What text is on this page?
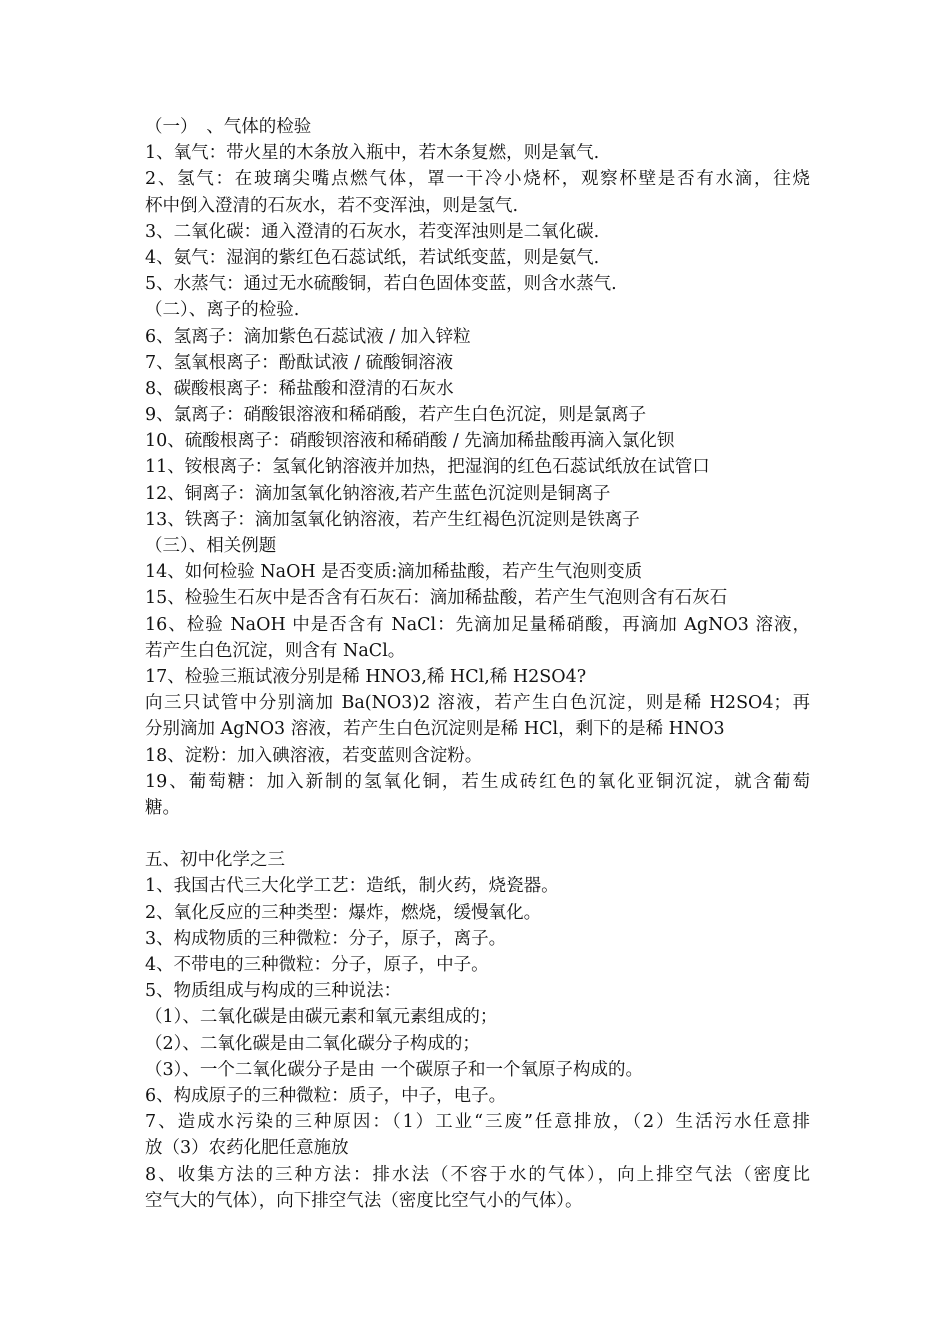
（一）　、气体的检验
1、氧气：带火星的木条放入瓶中，若木条复燃，则是氧气.
2、氢气：在玻璃尖嘴点燃气体，罩一干冷小烧杯，观察杯壁是否有水滴，往烧
杯中倒入澄清的石灰水，若不变浑浊，则是氢气.
3、二氧化碳：通入澄清的石灰水，若变浑浊则是二氧化碳.
4、氨气：湿润的紫红色石蕊试纸，若试纸变蓝，则是氨气.
5、水蒸气：通过无水硫酸铜，若白色固体变蓝，则含水蒸气.
（二）、离子的检验.
6、氢离子：滴加紫色石蕊试液 / 加入锌粒
7、氢氧根离子：酚酞试液 / 硫酸铜溶液
8、碳酸根离子：稀盐酸和澄清的石灰水
9、氯离子：硝酸银溶液和稀硝酸，若产生白色沉淀，则是氯离子
10、硫酸根离子：硝酸钡溶液和稀硝酸 / 先滴加稀盐酸再滴入氯化钡
11、铵根离子：氢氧化钠溶液并加热，把湿润的红色石蕊试纸放在试管口
12、铜离子：滴加氢氧化钠溶液,若产生蓝色沉淀则是铜离子
13、铁离子：滴加氢氧化钠溶液，若产生红褐色沉淀则是铁离子
（三）、相关例题
14、如何检验 NaOH 是否变质:滴加稀盐酸，若产生气泡则变质
15、检验生石灰中是否含有石灰石：滴加稀盐酸，若产生气泡则含有石灰石
16、检验 NaOH 中是否含有 NaCl：先滴加足量稀硝酸，再滴加 AgNO3 溶液，
若产生白色沉淀，则含有 NaCl。
17、检验三瓶试液分别是稀 HNO3,稀 HCl,稀 H2SO4?
向三只试管中分别滴加 Ba(NO3)2 溶液，若产生白色沉淀，则是稀 H2SO4；再
分别滴加 AgNO3 溶液，若产生白色沉淀则是稀 HCl，剩下的是稀 HNO3
18、淀粉：加入碘溶液，若变蓝则含淀粉。
19、葡萄糖：加入新制的氢氧化铜，若生成砖红色的氧化亚铜沉淀，就含葡萄
糖。
五、初中化学之三
1、我国古代三大化学工艺：造纸，制火药，烧瓷器。
2、氧化反应的三种类型：爆炸，燃烧，缓慢氧化。
3、构成物质的三种微粒：分子，原子，离子。
4、不带电的三种微粒：分子，原子，中子。
5、物质组成与构成的三种说法：
（1）、二氧化碳是由碳元素和氧元素组成的；
（2）、二氧化碳是由二氧化碳分子构成的；
（3）、一个二氧化碳分子是由 一个碳原子和一个氧原子构成的。
6、构成原子的三种微粒：质子，中子，电子。
7、造成水污染的三种原因：（1）工业“三废”任意排放，（2）生活污水任意排
放（3）农药化肥任意施放
8、收集方法的三种方法：排水法（不容于水的气体），向上排空气法（密度比
空气大的气体），向下排空气法（密度比空气小的气体）。
